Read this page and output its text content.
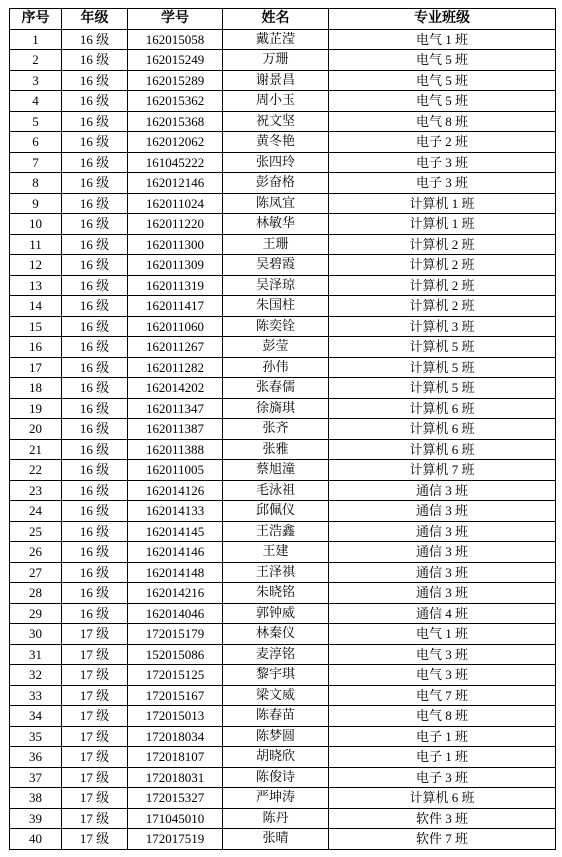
序号	年级	学号	姓名	专业班级
1	16 级	162015058	戴芷滢	电气 1 班
2	16 级	162015249	万珊	电气 5 班
3	16 级	162015289	谢景昌	电气 5 班
4	16 级	162015362	周小玉	电气 5 班
5	16 级	162015368	祝文坚	电气 8 班
6	16 级	162012062	黄冬艳	电子 2 班
7	16 级	161045222	张四玲	电子 3 班
8	16 级	162012146	彭奋格	电子 3 班
9	16 级	162011024	陈凤宜	计算机 1 班
10	16 级	162011220	林敏华	计算机 1 班
11	16 级	162011300	王珊	计算机 2 班
12	16 级	162011309	吴碧霞	计算机 2 班
13	16 级	162011319	吴泽琼	计算机 2 班
14	16 级	162011417	朱国柱	计算机 2 班
15	16 级	162011060	陈奕铨	计算机 3 班
16	16 级	162011267	彭莹	计算机 5 班
17	16 级	162011282	孙伟	计算机 5 班
18	16 级	162014202	张春儒	计算机 5 班
19	16 级	162011347	徐旖琪	计算机 6 班
20	16 级	162011387	张齐	计算机 6 班
21	16 级	162011388	张雅	计算机 6 班
22	16 级	162011005	蔡旭潼	计算机 7 班
23	16 级	162014126	毛泳祖	通信 3 班
24	16 级	162014133	邱佩仪	通信 3 班
25	16 级	162014145	王浩鑫	通信 3 班
26	16 级	162014146	王建	通信 3 班
27	16 级	162014148	王泽祺	通信 3 班
28	16 级	162014216	朱晓铭	通信 3 班
29	16 级	162014046	郭钟威	通信 4 班
30	17 级	172015179	林秦仪	电气 1 班
31	17 级	152015086	麦淳铭	电气 3 班
32	17 级	172015125	黎宇琪	电气 3 班
33	17 级	172015167	梁文威	电气 7 班
34	17 级	172015013	陈春苗	电气 8 班
35	17 级	172018034	陈梦圆	电子 1 班
36	17 级	172018107	胡晓欣	电子 1 班
37	17 级	172018031	陈俊诗	电子 3 班
38	17 级	172015327	严坤涛	计算机 6 班
39	17 级	171045010	陈丹	软件 3 班
40	17 级	172017519	张晴	软件 7 班
